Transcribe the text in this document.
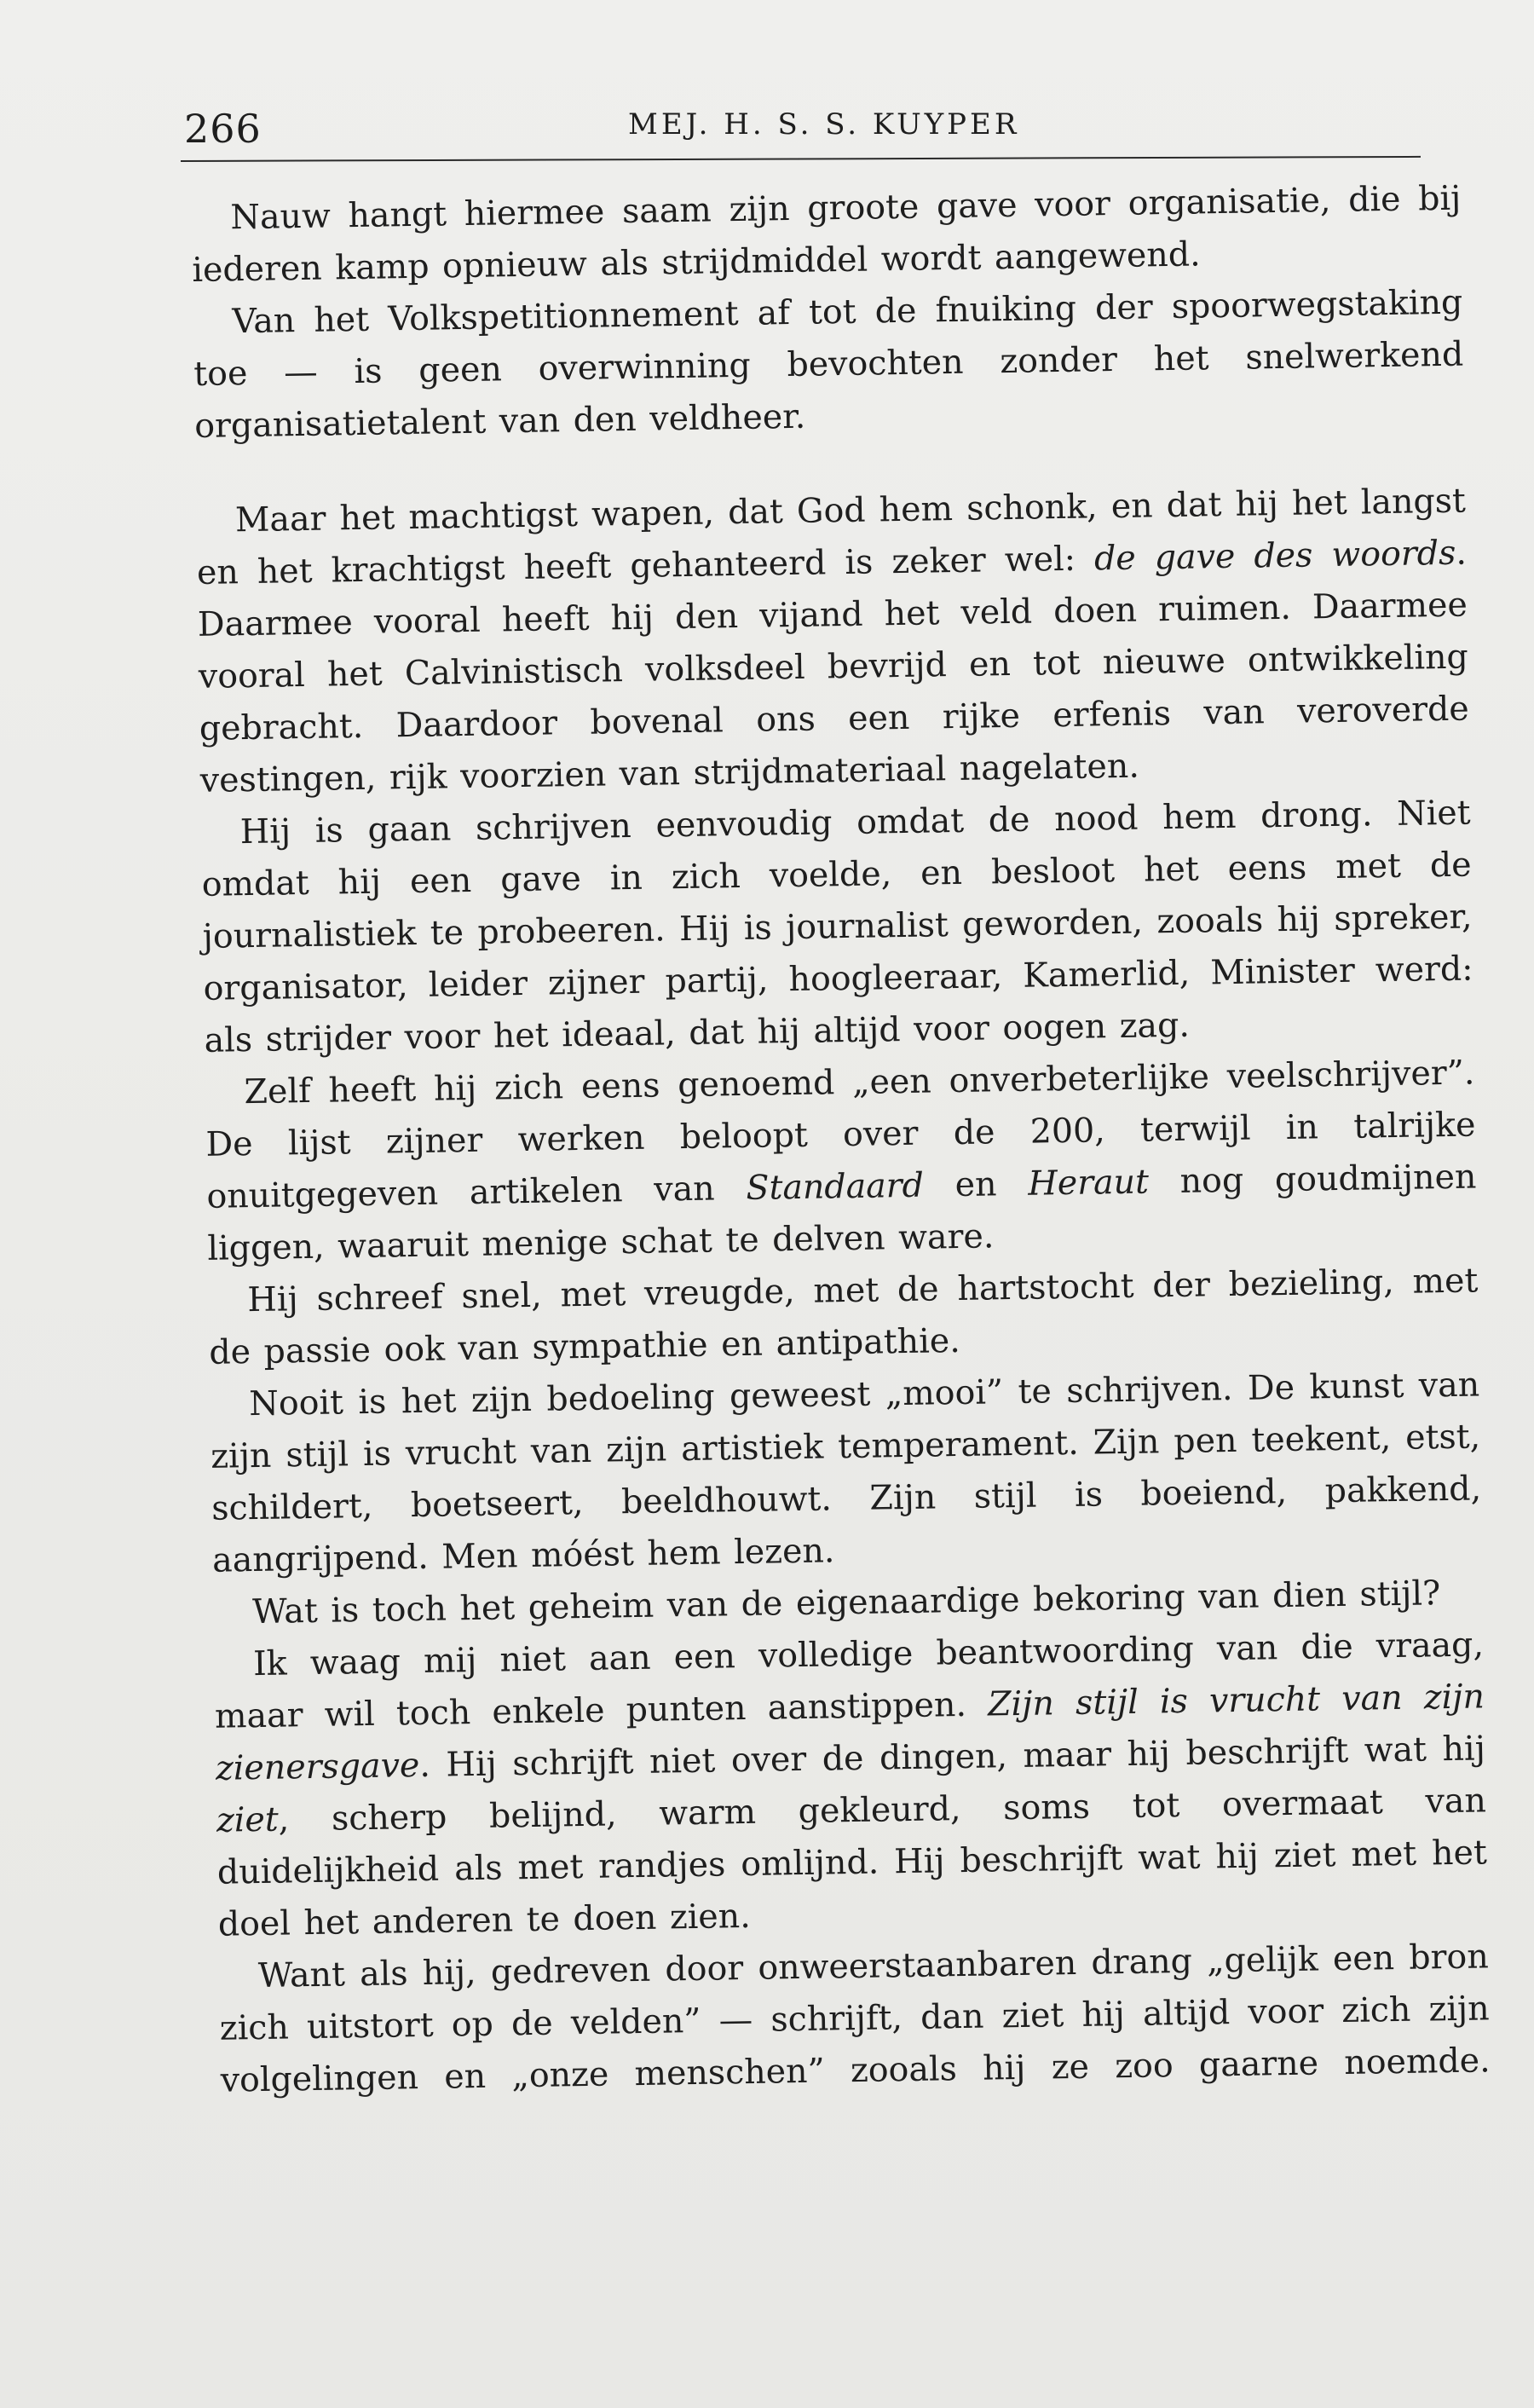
266	MEJ. H. S. S. KUYPER

Nauw hangt hiermee saam zijn groote gave voor organisatie, die bij iederen kamp opnieuw als strijdmiddel wordt aangewend.

Van het Volkspetitionnement af tot de fnuiking der spoorwegstaking toe — is geen overwinning bevochten zonder het snelwerkend organisatietalent van den veldheer.

Maar het machtigst wapen, dat God hem schonk, en dat hij het langst en het krachtigst heeft gehanteerd is zeker wel: de gave des woords. Daarmee vooral heeft hij den vijand het veld doen ruimen. Daarmee vooral het Calvinistisch volksdeel bevrijd en tot nieuwe ontwikkeling gebracht. Daardoor bovenal ons een rijke erfenis van veroverde vestingen, rijk voorzien van strijdmateriaal nagelaten.

Hij is gaan schrijven eenvoudig omdat de nood hem drong. Niet omdat hij een gave in zich voelde, en besloot het eens met de journalistiek te probeeren. Hij is journalist geworden, zooals hij spreker, organisator, leider zijner partij, hoogleeraar, Kamerlid, Minister werd: als strijder voor het ideaal, dat hij altijd voor oogen zag.

Zelf heeft hij zich eens genoemd „een onverbeterlijke veelschrijver”. De lijst zijner werken beloopt over de 200, terwijl in talrijke onuitgegeven artikelen van Standaard en Heraut nog goudmijnen liggen, waaruit menige schat te delven ware.

Hij schreef snel, met vreugde, met de hartstocht der bezieling, met de passie ook van sympathie en antipathie.

Nooit is het zijn bedoeling geweest „mooi” te schrijven. De kunst van zijn stijl is vrucht van zijn artistiek temperament. Zijn pen teekent, etst, schildert, boetseert, beeldhouwt. Zijn stijl is boeiend, pakkend, aangrijpend. Men móést hem lezen.

Wat is toch het geheim van de eigenaardige bekoring van dien stijl?

Ik waag mij niet aan een volledige beantwoording van die vraag, maar wil toch enkele punten aanstippen. Zijn stijl is vrucht van zijn zienersgave. Hij schrijft niet over de dingen, maar hij beschrijft wat hij ziet, scherp belijnd, warm gekleurd, soms tot overmaat van duidelijkheid als met randjes omlijnd. Hij beschrijft wat hij ziet met het doel het anderen te doen zien.

Want als hij, gedreven door onweerstaanbaren drang „gelijk een bron zich uitstort op de velden” — schrijft, dan ziet hij altijd voor zich zijn volgelingen en „onze menschen” zooals hij ze zoo gaarne noemde.
